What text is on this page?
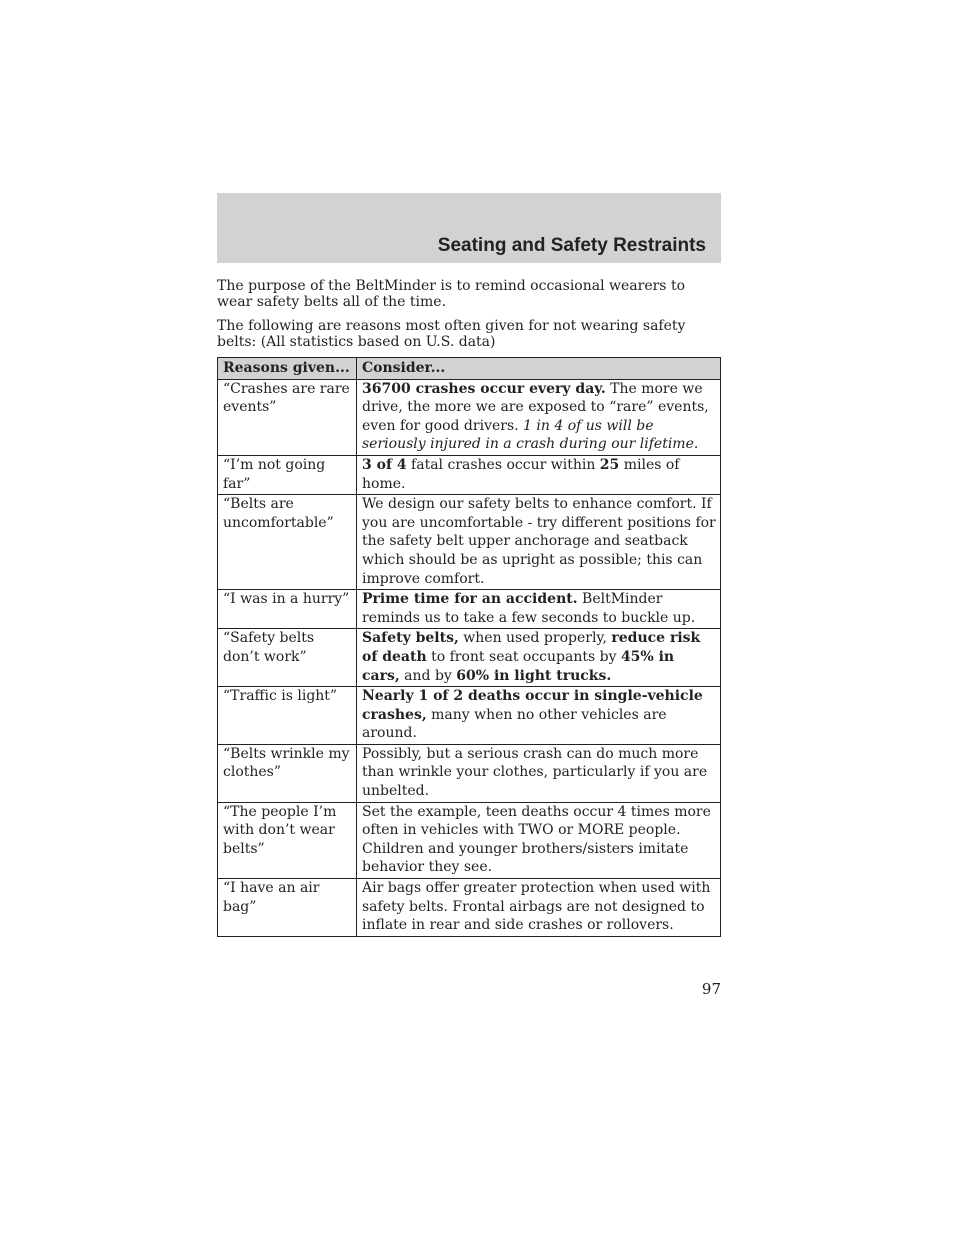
Seating and Safety Restraints
The purpose of the BeltMinder is to remind occasional wearers to wear safety belts all of the time.
The following are reasons most often given for not wearing safety belts: (All statistics based on U.S. data)
Reasons given...	Consider...
“Crashes are rare events”	36700 crashes occur every day. The more we drive, the more we are exposed to “rare” events, even for good drivers. 1 in 4 of us will be seriously injured in a crash during our lifetime.
“I’m not going far”	3 of 4 fatal crashes occur within 25 miles of home.
“Belts are uncomfortable”	We design our safety belts to enhance comfort. If you are uncomfortable - try different positions for the safety belt upper anchorage and seatback which should be as upright as possible; this can improve comfort.
“I was in a hurry”	Prime time for an accident. BeltMinder reminds us to take a few seconds to buckle up.
“Safety belts don’t work”	Safety belts, when used properly, reduce risk of death to front seat occupants by 45% in cars, and by 60% in light trucks.
“Traffic is light”	Nearly 1 of 2 deaths occur in single-vehicle crashes, many when no other vehicles are around.
“Belts wrinkle my clothes”	Possibly, but a serious crash can do much more than wrinkle your clothes, particularly if you are unbelted.
“The people I’m with don’t wear belts”	Set the example, teen deaths occur 4 times more often in vehicles with TWO or MORE people. Children and younger brothers/sisters imitate behavior they see.
“I have an air bag”	Air bags offer greater protection when used with safety belts. Frontal airbags are not designed to inflate in rear and side crashes or rollovers.
97
